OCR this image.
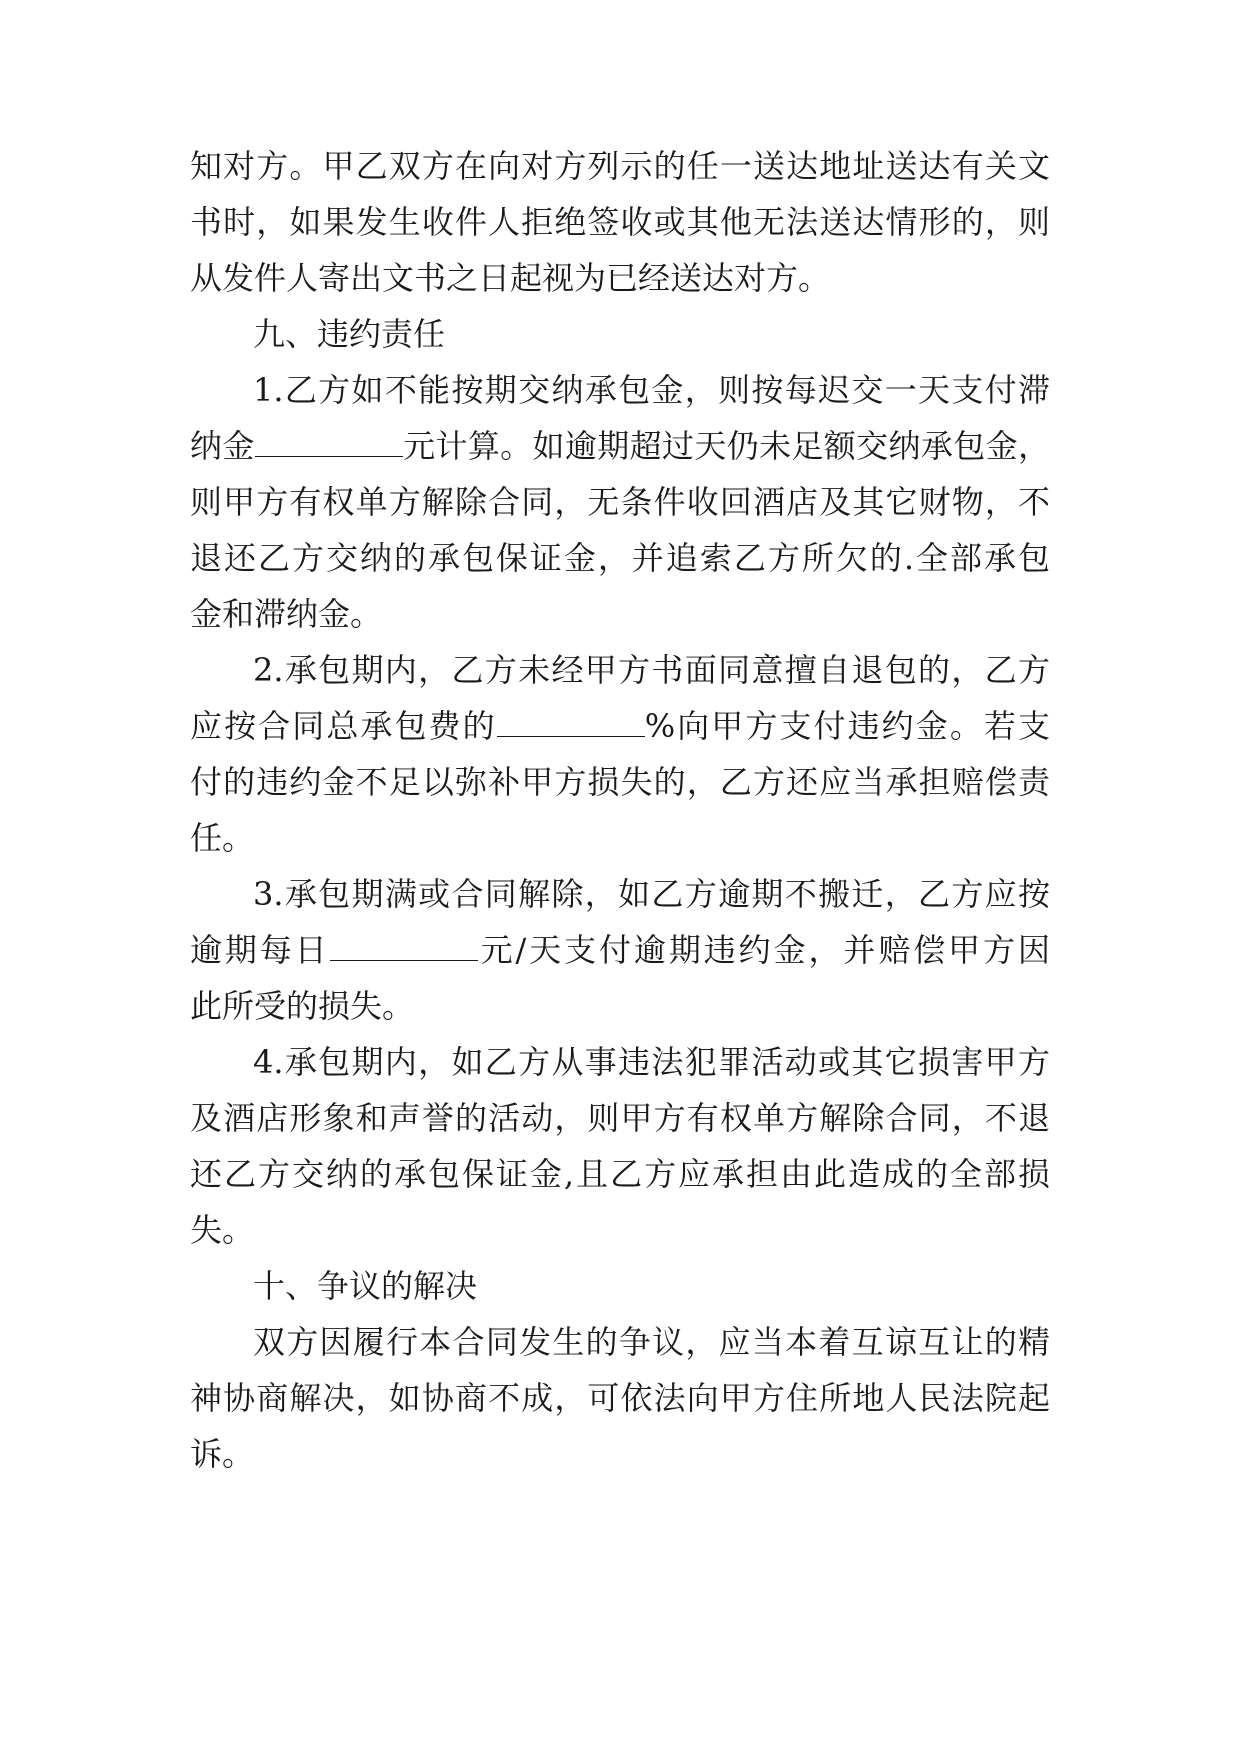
知对方。甲乙双方在向对方列示的任一送达地址送达有关文
书时，如果发生收件人拒绝签收或其他无法送达情形的，则
从发件人寄出文书之日起视为已经送达对方。
九、违约责任
1.乙方如不能按期交纳承包金，则按每迟交一天支付滞
纳金	元计算。如逾期超过天仍未足额交纳承包金，
则甲方有权单方解除合同，无条件收回酒店及其它财物，不
退还乙方交纳的承包保证金，并追索乙方所欠的.全部承包
金和滞纳金。
2.承包期内，乙方未经甲方书面同意擅自退包的，乙方
应按合同总承包费的	%向甲方支付违约金。若支
付的违约金不足以弥补甲方损失的，乙方还应当承担赔偿责
任。
3.承包期满或合同解除，如乙方逾期不搬迁，乙方应按
逾期每日	元/天支付逾期违约金，并赔偿甲方因
此所受的损失。
4.承包期内，如乙方从事违法犯罪活动或其它损害甲方
及酒店形象和声誉的活动，则甲方有权单方解除合同，不退
还乙方交纳的承包保证金,且乙方应承担由此造成的全部损
失。
十、争议的解决
双方因履行本合同发生的争议，应当本着互谅互让的精
神协商解决，如协商不成，可依法向甲方住所地人民法院起
诉。
